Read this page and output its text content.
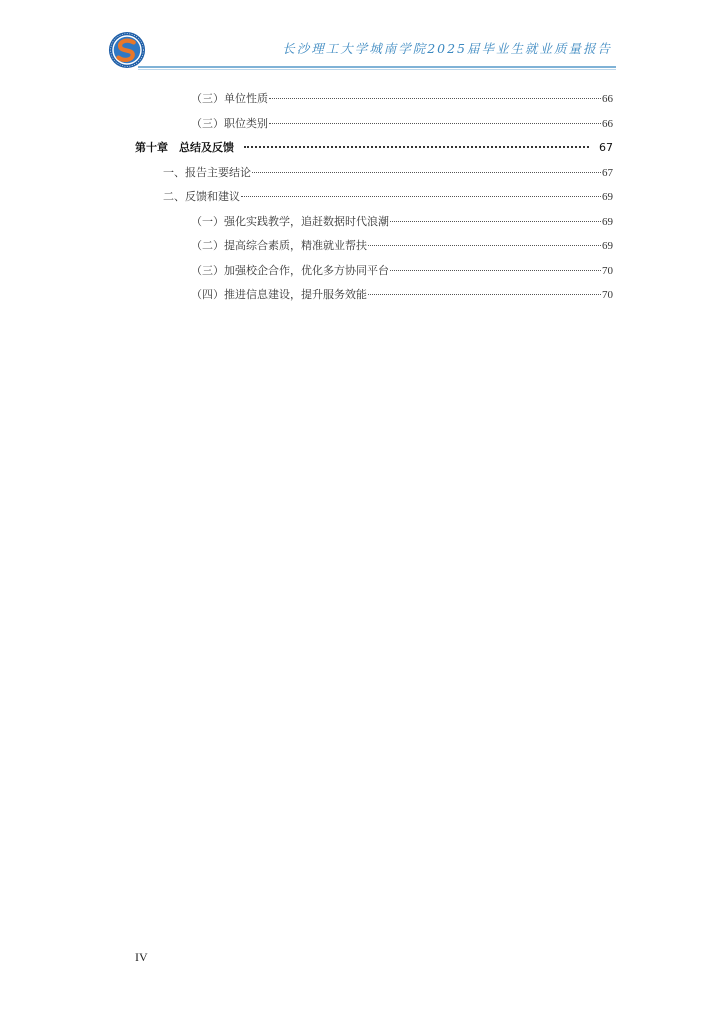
长沙理工大学城南学院2025届毕业生就业质量报告
（三）单位性质	66
（三）职位类别	66
第十章　总结及反馈	67
一、报告主要结论	67
二、反馈和建议	69
（一）强化实践教学，追赶数据时代浪潮	69
（二）提高综合素质，精准就业帮扶	69
（三）加强校企合作，优化多方协同平台	70
（四）推进信息建设，提升服务效能	70
IV
